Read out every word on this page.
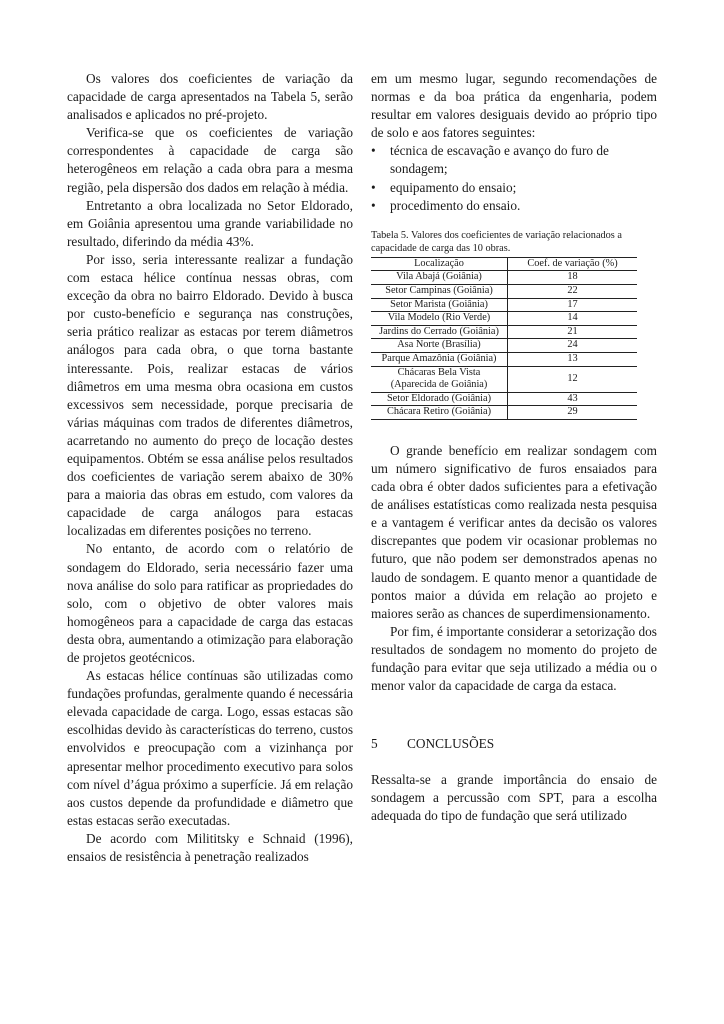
Os valores dos coeficientes de variação da capacidade de carga apresentados na Tabela 5, serão analisados e aplicados no pré-projeto.

Verifica-se que os coeficientes de variação correspondentes à capacidade de carga são heterogêneos em relação a cada obra para a mesma região, pela dispersão dos dados em relação à média.

Entretanto a obra localizada no Setor Eldorado, em Goiânia apresentou uma grande variabilidade no resultado, diferindo da média 43%.

Por isso, seria interessante realizar a fundação com estaca hélice contínua nessas obras, com exceção da obra no bairro Eldorado. Devido à busca por custo-benefício e segurança nas construções, seria prático realizar as estacas por terem diâmetros análogos para cada obra, o que torna bastante interessante. Pois, realizar estacas de vários diâmetros em uma mesma obra ocasiona em custos excessivos sem necessidade, porque precisaria de várias máquinas com trados de diferentes diâmetros, acarretando no aumento do preço de locação destes equipamentos. Obtém se essa análise pelos resultados dos coeficientes de variação serem abaixo de 30% para a maioria das obras em estudo, com valores da capacidade de carga análogos para estacas localizadas em diferentes posições no terreno.

No entanto, de acordo com o relatório de sondagem do Eldorado, seria necessário fazer uma nova análise do solo para ratificar as propriedades do solo, com o objetivo de obter valores mais homogêneos para a capacidade de carga das estacas desta obra, aumentando a otimização para elaboração de projetos geotécnicos.

As estacas hélice contínuas são utilizadas como fundações profundas, geralmente quando é necessária elevada capacidade de carga. Logo, essas estacas são escolhidas devido às características do terreno, custos envolvidos e preocupação com a vizinhança por apresentar melhor procedimento executivo para solos com nível d’água próximo a superfície. Já em relação aos custos depende da profundidade e diâmetro que estas estacas serão executadas.

De acordo com Milititsky e Schnaid (1996), ensaios de resistência à penetração realizados

em um mesmo lugar, segundo recomendações de normas e da boa prática da engenharia, podem resultar em valores desiguais devido ao próprio tipo de solo e aos fatores seguintes:

• técnica de escavação e avanço do furo de sondagem;
• equipamento do ensaio;
• procedimento do ensaio.
Tabela 5. Valores dos coeficientes de variação relacionados a capacidade de carga das 10 obras.
Localização	Coef. de variação (%)
Vila Abajá (Goiânia)	18
Setor Campinas (Goiânia)	22
Setor Marista (Goiânia)	17
Vila Modelo (Rio Verde)	14
Jardins do Cerrado (Goiânia)	21
Asa Norte (Brasília)	24
Parque Amazônia (Goiânia)	13
Chácaras Bela Vista (Aparecida de Goiânia)	12
Setor Eldorado (Goiânia)	43
Chácara Retiro (Goiânia)	29

O grande benefício em realizar sondagem com um número significativo de furos ensaiados para cada obra é obter dados suficientes para a efetivação de análises estatísticas como realizada nesta pesquisa e a vantagem é verificar antes da decisão os valores discrepantes que podem vir ocasionar problemas no futuro, que não podem ser demonstrados apenas no laudo de sondagem. E quanto menor a quantidade de pontos maior a dúvida em relação ao projeto e maiores serão as chances de superdimensionamento.

Por fim, é importante considerar a setorização dos resultados de sondagem no momento do projeto de fundação para evitar que seja utilizado a média ou o menor valor da capacidade de carga da estaca.

5 CONCLUSÕES

Ressalta-se a grande importância do ensaio de sondagem a percussão com SPT, para a escolha adequada do tipo de fundação que será utilizado
